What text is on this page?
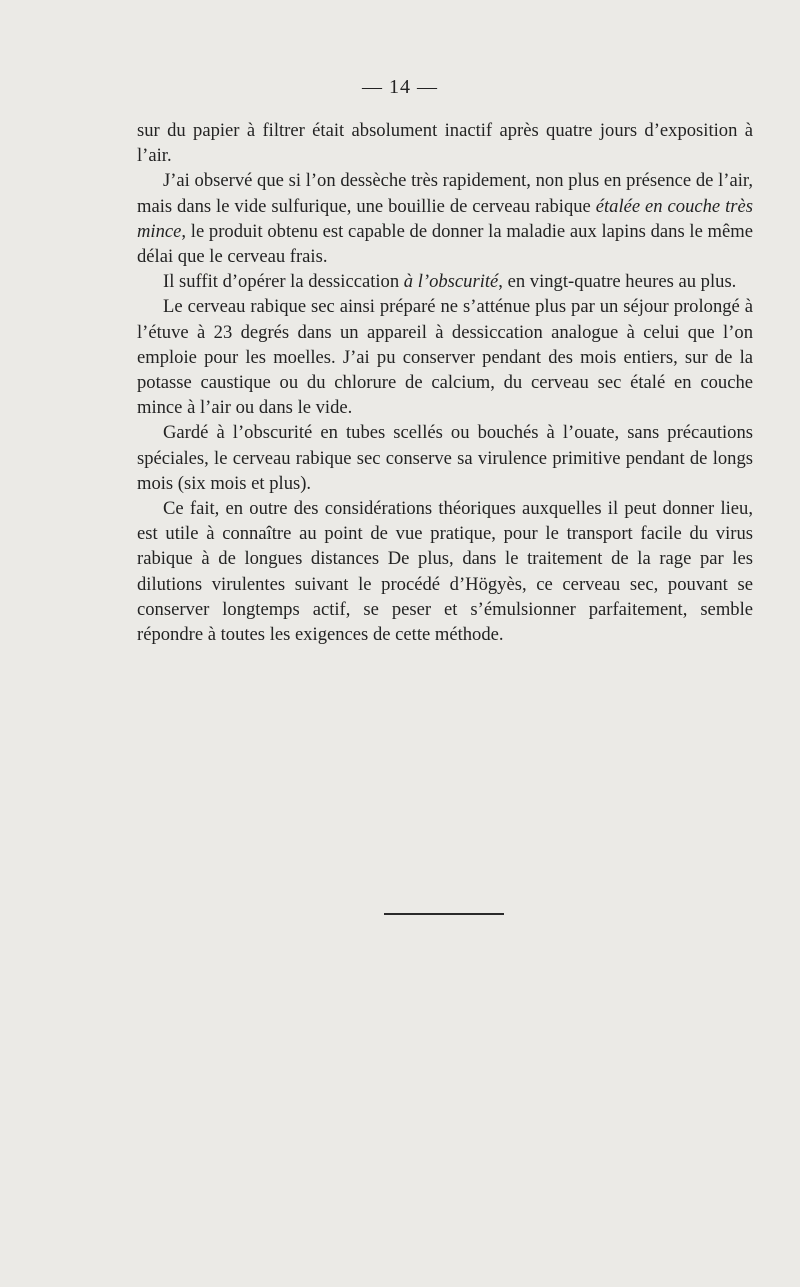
— 14 —

sur du papier à filtrer était absolument inactif après quatre jours d’exposition à l’air.

J’ai observé que si l’on dessèche très rapidement, non plus en présence de l’air, mais dans le vide sulfurique, une bouillie de cerveau rabique étalée en couche très mince, le produit obtenu est capable de donner la maladie aux lapins dans le même délai que le cerveau frais.

Il suffit d’opérer la dessiccation à l’obscurité, en vingt-quatre heures au plus.

Le cerveau rabique sec ainsi préparé ne s’atténue plus par un séjour prolongé à l’étuve à 23 degrés dans un appareil à dessiccation analogue à celui que l’on emploie pour les moelles. J’ai pu conserver pendant des mois entiers, sur de la potasse caustique ou du chlorure de calcium, du cerveau sec étalé en couche mince à l’air ou dans le vide.

Gardé à l’obscurité en tubes scellés ou bouchés à l’ouate, sans précautions spéciales, le cerveau rabique sec conserve sa virulence primitive pendant de longs mois (six mois et plus).

Ce fait, en outre des considérations théoriques auxquelles il peut donner lieu, est utile à connaître au point de vue pratique, pour le transport facile du virus rabique à de longues distances De plus, dans le traitement de la rage par les dilutions virulentes suivant le procédé d’Högyès, ce cerveau sec, pouvant se conserver longtemps actif, se peser et s’émulsionner parfaitement, semble répondre à toutes les exigences de cette méthode.
